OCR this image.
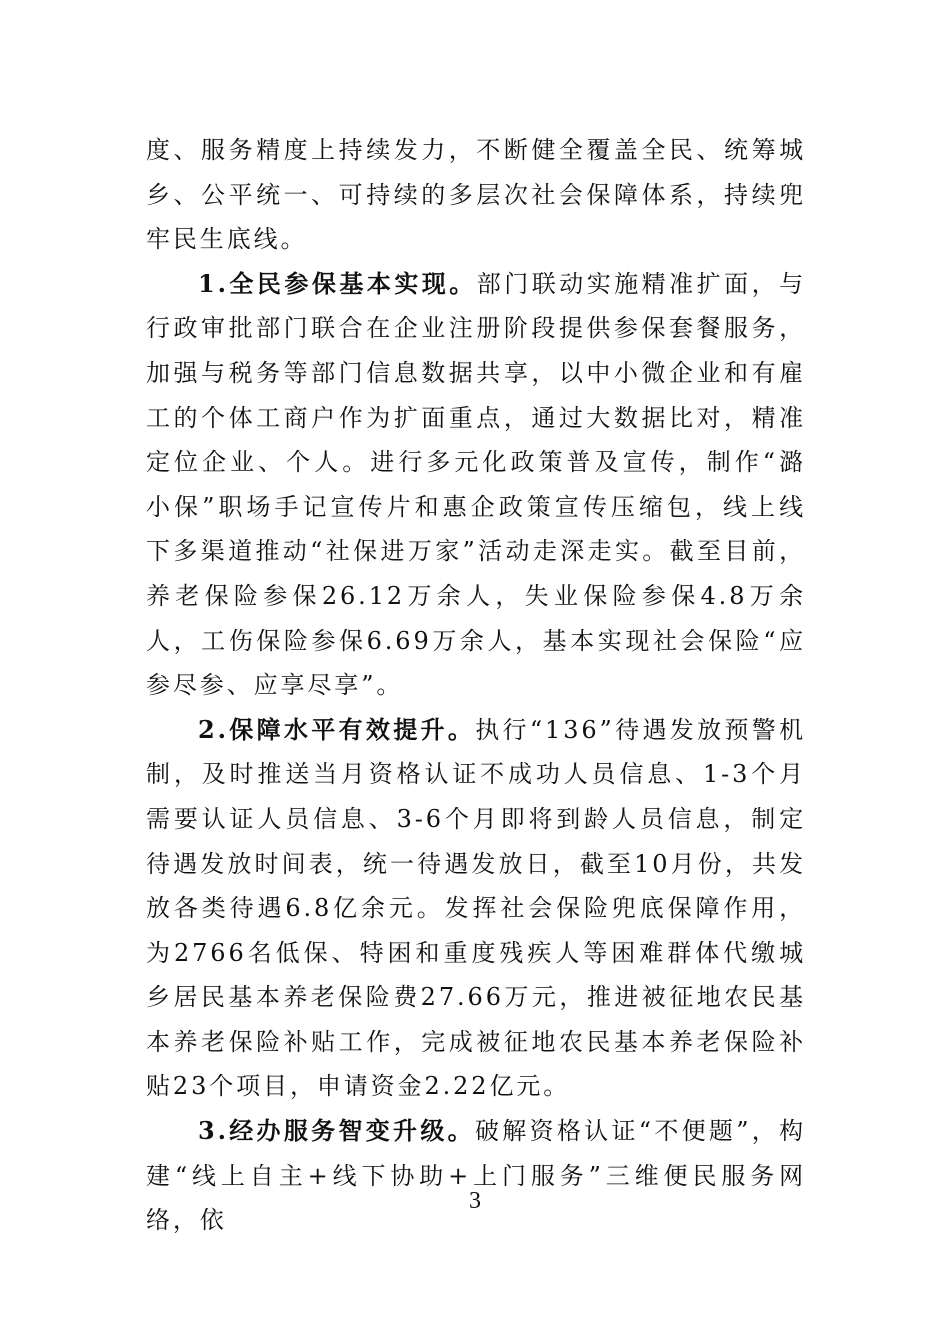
度、服务精度上持续发力，不断健全覆盖全民、统筹城乡、公平统一、可持续的多层次社会保障体系，持续兜牢民生底线。

1.全民参保基本实现。部门联动实施精准扩面，与行政审批部门联合在企业注册阶段提供参保套餐服务，加强与税务等部门信息数据共享，以中小微企业和有雇工的个体工商户作为扩面重点，通过大数据比对，精准定位企业、个人。进行多元化政策普及宣传，制作“潞小保”职场手记宣传片和惠企政策宣传压缩包，线上线下多渠道推动“社保进万家”活动走深走实。截至目前，养老保险参保26.12万余人，失业保险参保4.8万余人，工伤保险参保6.69万余人，基本实现社会保险“应参尽参、应享尽享”。

2.保障水平有效提升。执行“136”待遇发放预警机制，及时推送当月资格认证不成功人员信息、1-3个月需要认证人员信息、3-6个月即将到龄人员信息，制定待遇发放时间表，统一待遇发放日，截至10月份，共发放各类待遇6.8亿余元。发挥社会保险兜底保障作用，为2766名低保、特困和重度残疾人等困难群体代缴城乡居民基本养老保险费27.66万元，推进被征地农民基本养老保险补贴工作，完成被征地农民基本养老保险补贴23个项目，申请资金2.22亿元。

3.经办服务智变升级。破解资格认证“不便题”，构建“线上自主+线下协助+上门服务”三维便民服务网络，依

3
